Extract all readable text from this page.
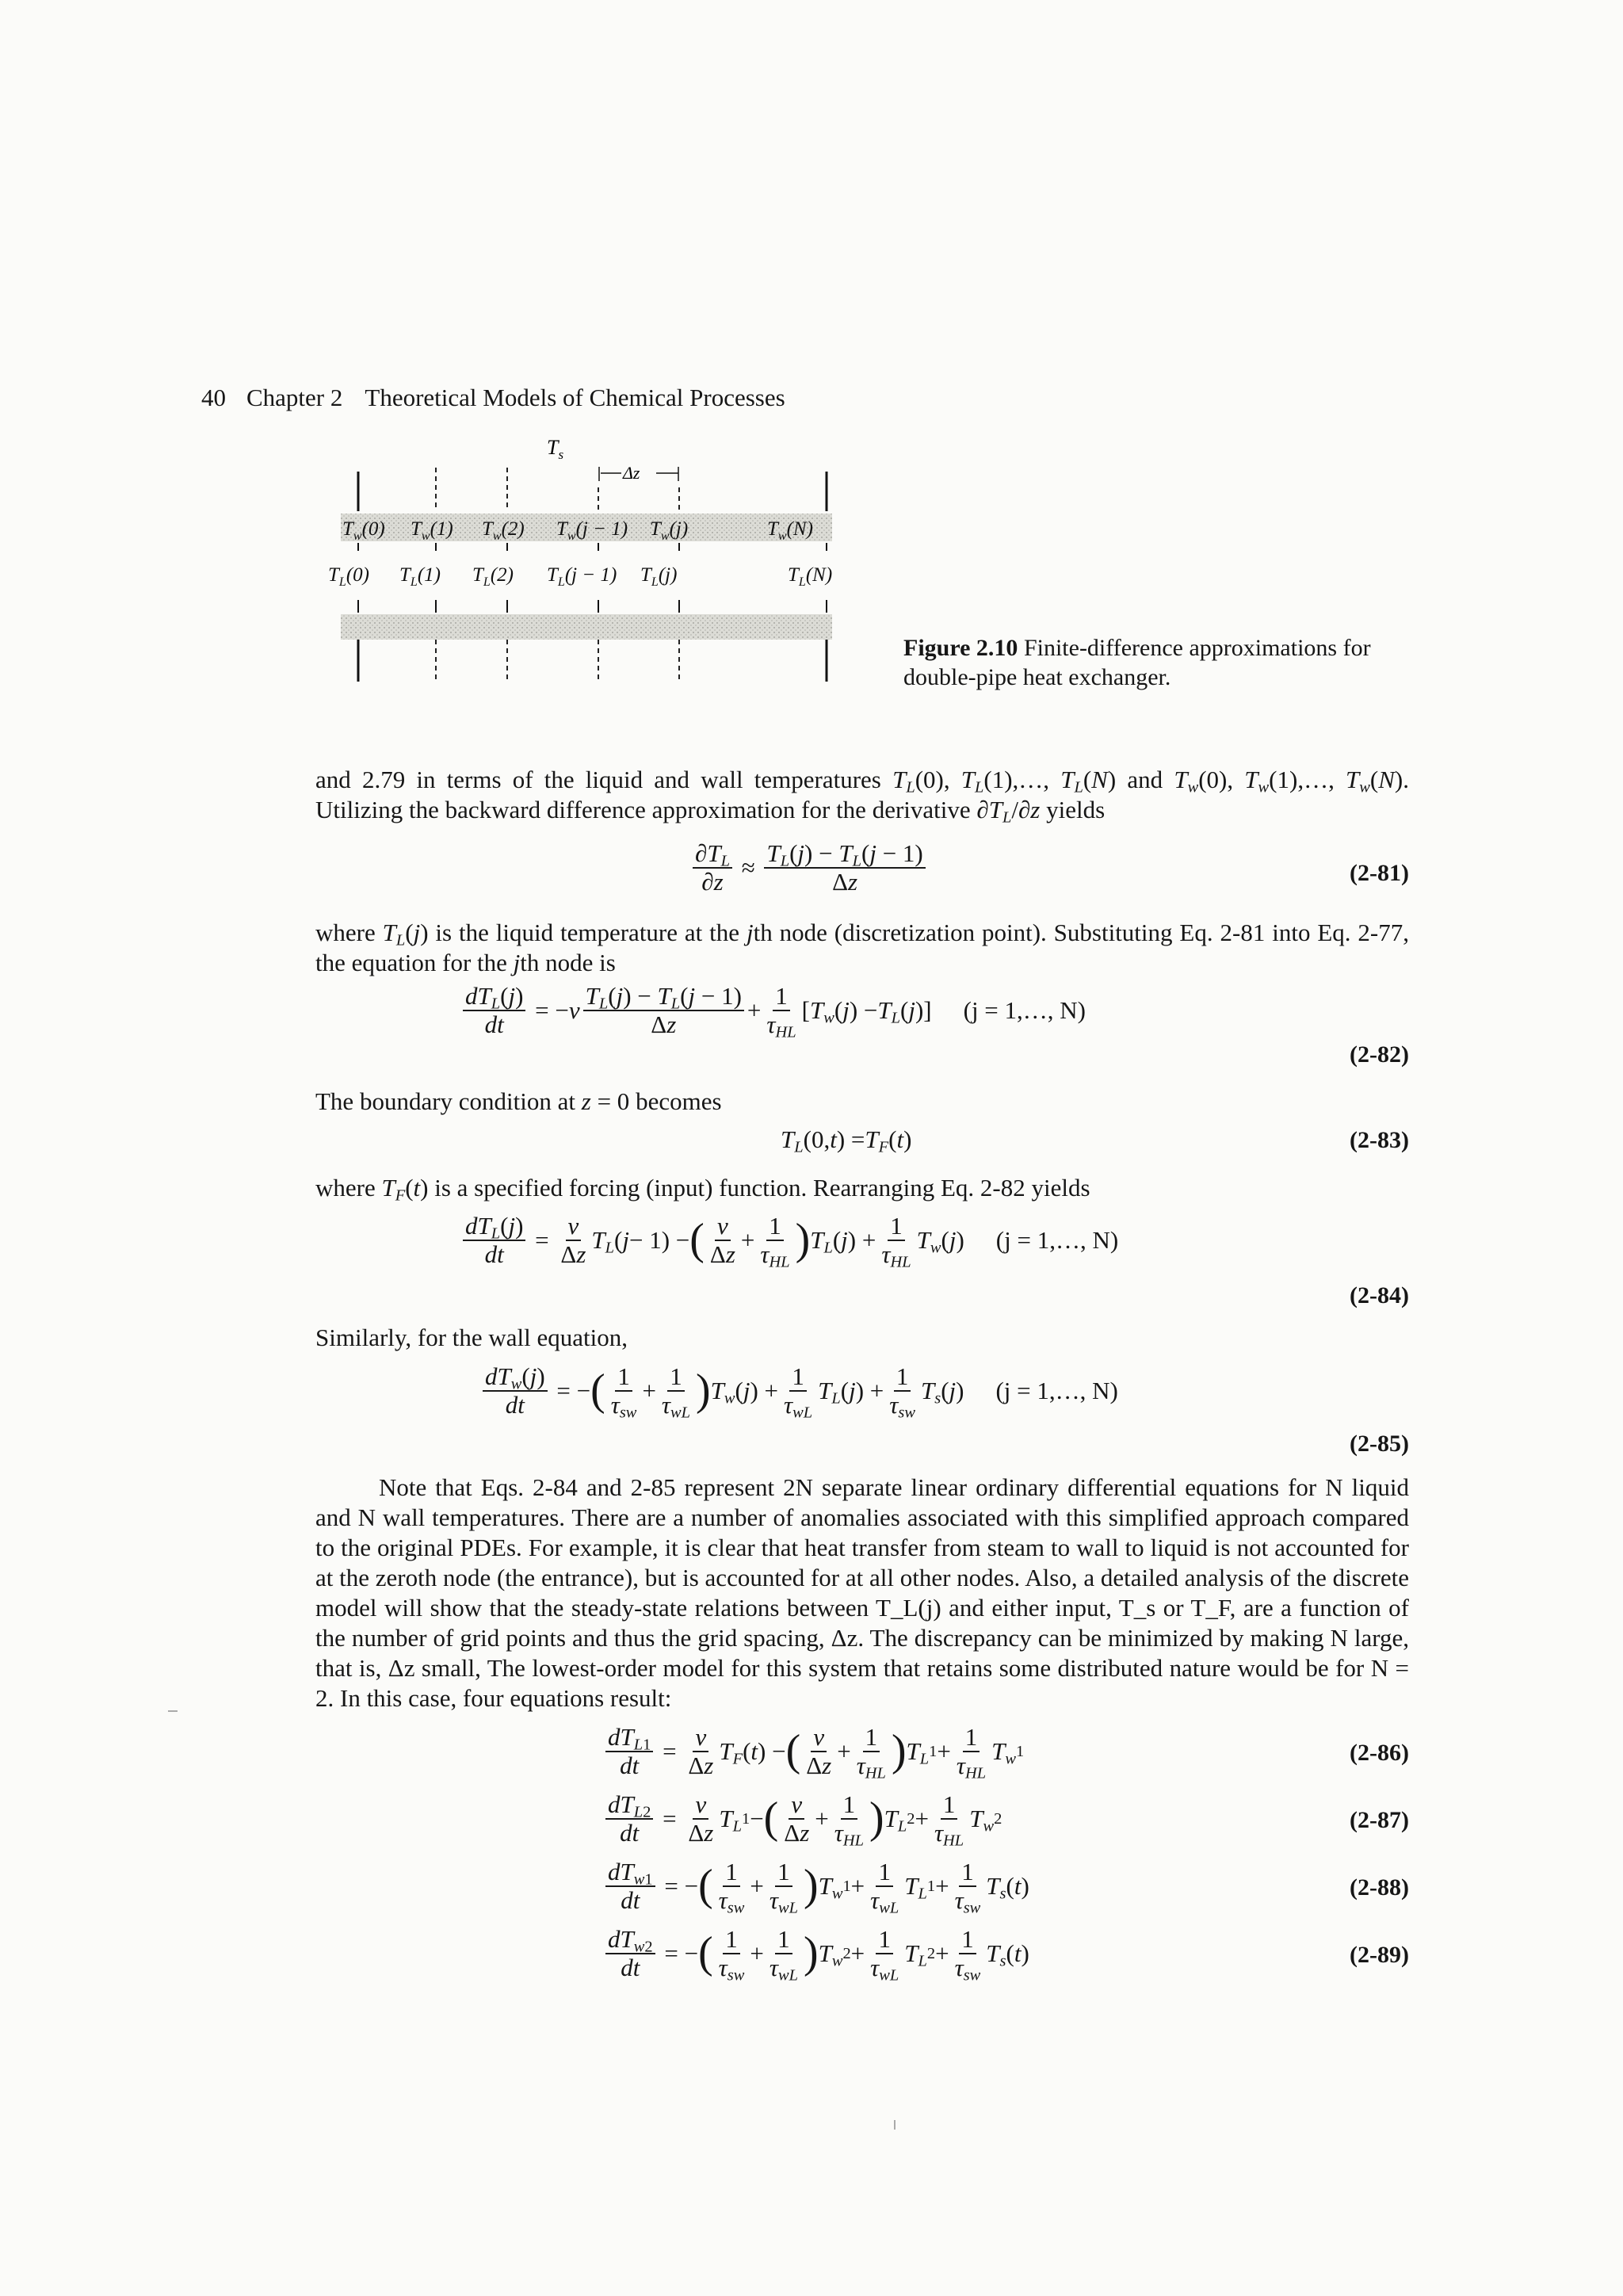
40 Chapter 2 Theoretical Models of Chemical Processes
$T_s$
Δz
$T_w(0)$ $T_w(1)$ $T_w(2) T_w(j - 1)$ $T_w(j)$	$T_w(N)$
$T_L(0)$ $T_L(1)$ $T_L(2) T_L(j - 1)$ $T_L(j)$	$T_L(N)$
Figure 2.10 Finite-difference approximations for double-pipe heat exchanger.

and 2.79 in terms of the liquid and wall temperatures $T_L(0)$, $T_L(1),\dots$, $T_L(N)$ and $T_w(0)$, $T_w(1),\dots$, $T_w(N)$. Utilizing the backward difference approximation for the derivative $\partial T_L/\partial z$ yields

$\frac{\partial T_L}{\partial z} \approx \frac{T_L(j) - T_L(j - 1)}{\Delta z}$	(2-81)

where $T_L(j)$ is the liquid temperature at the jth node (discretization point). Substituting Eq. 2-81 into Eq. 2-77, the equation for the jth node is

$\frac{dT_L(j)}{dt}$ = − v $\frac{T_L(j) - T_L(j - 1)}{\Delta z} + \frac{1}{\tau_{HL}}$ [ $T_w$ ( j ) − $T_L$ ( j )] (j = 1,…, N)
(2-82)
The boundary condition at z = 0 becomes
$T_L$ (0, t ) = $T_F$ ( t )	(2-83)

where $T_F(t)$ is a specified forcing (input) function. Rearranging Eq. 2-82 yields

$\frac{dT_L(j)}{dt} = \frac{v}{\Delta z} T_L$ ( j − 1) − ( $\frac{v}{\Delta z} + \frac{1}{\tau_{HL}}$ ) $T_L$ ( j ) + $\frac{1}{\tau_{HL}} T_w$ ( j ) (j = 1,…, N)
(2-84)
Similarly, for the wall equation,
$\frac{dT_w(j)}{dt}$ = − ( $\frac{1}{\tau_{sw}} + \frac{1}{\tau_{wL}}$ ) $T_w$ ( j ) + $\frac{1}{\tau_{wL}} T_L$ ( j ) + $\frac{1}{\tau_{sw}} T_s$ ( j ) (j = 1,…, N)
(2-85)

Note that Eqs. 2-84 and 2-85 represent 2N separate linear ordinary differential equations for N liquid and N wall temperatures. There are a number of anomalies associated with this simplified approach compared to the original PDEs. For example, it is clear that heat transfer from steam to wall to liquid is not accounted for at the zeroth node (the entrance), but is accounted for at all other nodes. Also, a detailed analysis of the discrete model will show that the steady-state relations between T_L(j) and either input, T_s or T_F, are a function of the number of grid points and thus the grid spacing, Δz. The discrepancy can be minimized by making N large, that is, Δz small, The lowest-order model for this system that retains some distributed nature would be for N = 2. In this case, four equations result:

$\frac{dT_{L1}}{dt} = \frac{v}{\Delta z} T_F$ ( t ) − ( $\frac{v}{\Delta z} + \frac{1}{\tau_{HL}}$ ) $T_L$ $1 + \frac{1}{\tau_{HL}} T_w$ 1	(2-86)
$\frac{dT_{L2}}{dt} = \frac{v}{\Delta z} T_L$ 1 − ( $\frac{v}{\Delta z} + \frac{1}{\tau_{HL}}$ ) $T_L$ $2 + \frac{1}{\tau_{HL}} T_w$ 2	(2-87)
$\frac{dT_{w1}}{dt}$ = − ( $\frac{1}{\tau_{sw}} + \frac{1}{\tau_{wL}}$ ) $T_w$ $1 + \frac{1}{\tau_{wL}} T_L$ $1 + \frac{1}{\tau_{sw}} T_s$ ( t )	(2-88)
$\frac{dT_{w2}}{dt}$ = − ( $\frac{1}{\tau_{sw}} + \frac{1}{\tau_{wL}}$ ) $T_w$ $2 + \frac{1}{\tau_{wL}} T_L$ $2 + \frac{1}{\tau_{sw}} T_s$ ( t )	(2-89)
